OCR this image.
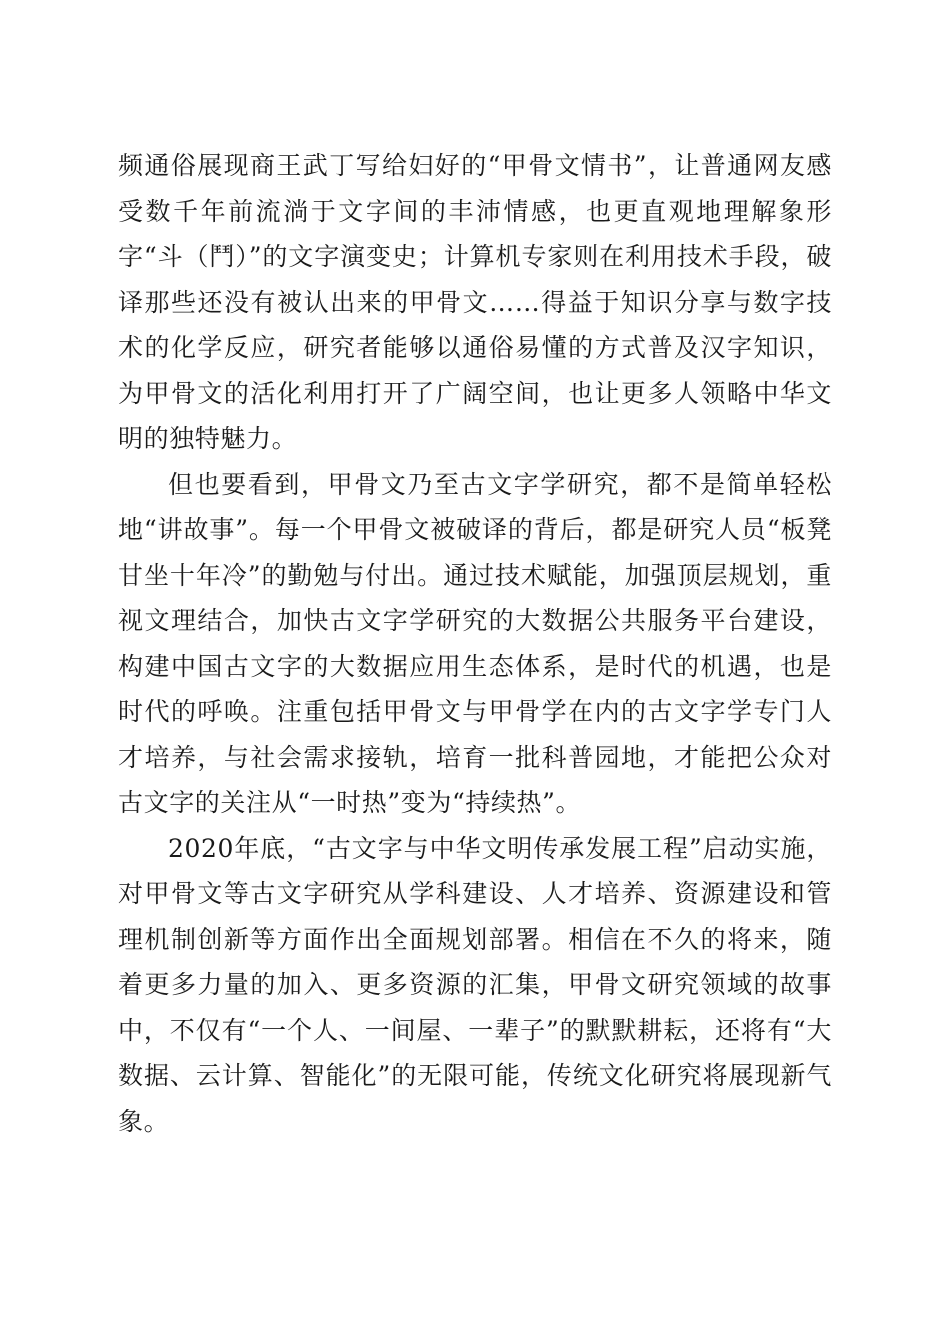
频通俗展现商王武丁写给妇好的“甲骨文情书”，让普通网友感受数千年前流淌于文字间的丰沛情感，也更直观地理解象形字“斗（鬥）”的文字演变史；计算机专家则在利用技术手段，破译那些还没有被认出来的甲骨文……得益于知识分享与数字技术的化学反应，研究者能够以通俗易懂的方式普及汉字知识，为甲骨文的活化利用打开了广阔空间，也让更多人领略中华文明的独特魅力。

但也要看到，甲骨文乃至古文字学研究，都不是简单轻松地“讲故事”。每一个甲骨文被破译的背后，都是研究人员“板凳甘坐十年冷”的勤勉与付出。通过技术赋能，加强顶层规划，重视文理结合，加快古文字学研究的大数据公共服务平台建设，构建中国古文字的大数据应用生态体系，是时代的机遇，也是时代的呼唤。注重包括甲骨文与甲骨学在内的古文字学专门人才培养，与社会需求接轨，培育一批科普园地，才能把公众对古文字的关注从“一时热”变为“持续热”。

2020年底，“古文字与中华文明传承发展工程”启动实施，对甲骨文等古文字研究从学科建设、人才培养、资源建设和管理机制创新等方面作出全面规划部署。相信在不久的将来，随着更多力量的加入、更多资源的汇集，甲骨文研究领域的故事中，不仅有“一个人、一间屋、一辈子”的默默耕耘，还将有“大数据、云计算、智能化”的无限可能，传统文化研究将展现新气象。
